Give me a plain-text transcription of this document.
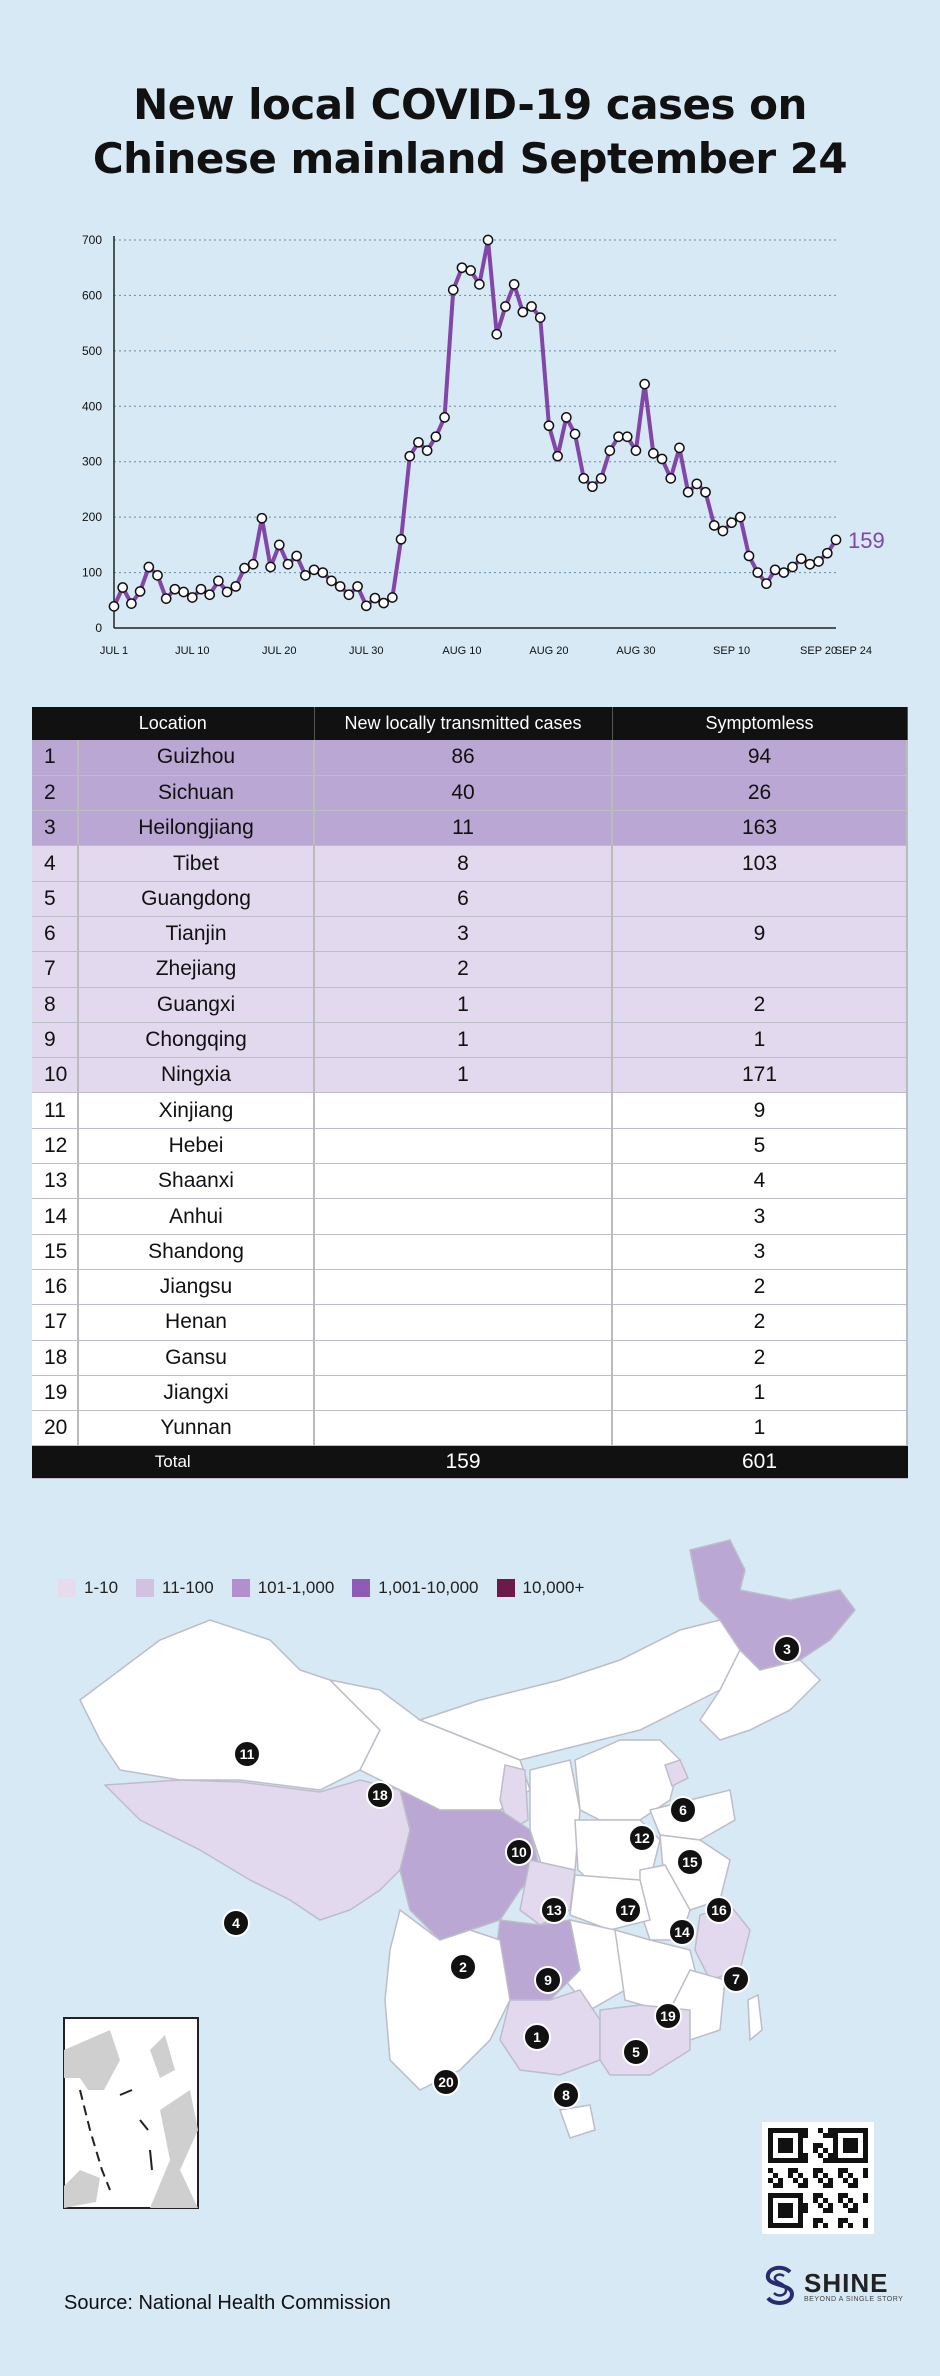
New local COVID-19 cases on
Chinese mainland September 24
0
100
200
300
400
500
600
700
JUL 1	JUL 10	JUL 20	JUL 30	AUG 10	AUG 20	AUG 30	SEP 10	SEP 20
SEP 24
159
Location		New locally transmitted cases	Symptomless
1	Guizhou	86	94
2	Sichuan	40	26
3	Heilongjiang	11	163
4	Tibet	8	103
5	Guangdong	6	
6	Tianjin	3	9
7	Zhejiang	2	
8	Guangxi	1	2
9	Chongqing	1	1
10	Ningxia	1	171
11	Xinjiang		9
12	Hebei		5
13	Shaanxi		4
14	Anhui		3
15	Shandong		3
16	Jiangsu		2
17	Henan		2
18	Gansu		2
19	Jiangxi		1
20	Yunnan		1
Total		159	601
1-10	11-100	101-1,000	1,001-10,000	10,000+
1
2
3
4
5
6
7
8
9
10
11
12
13
14
15
16
17
18
19
20
Source: National Health Commission
SHINE
BEYOND A SINGLE STORY
